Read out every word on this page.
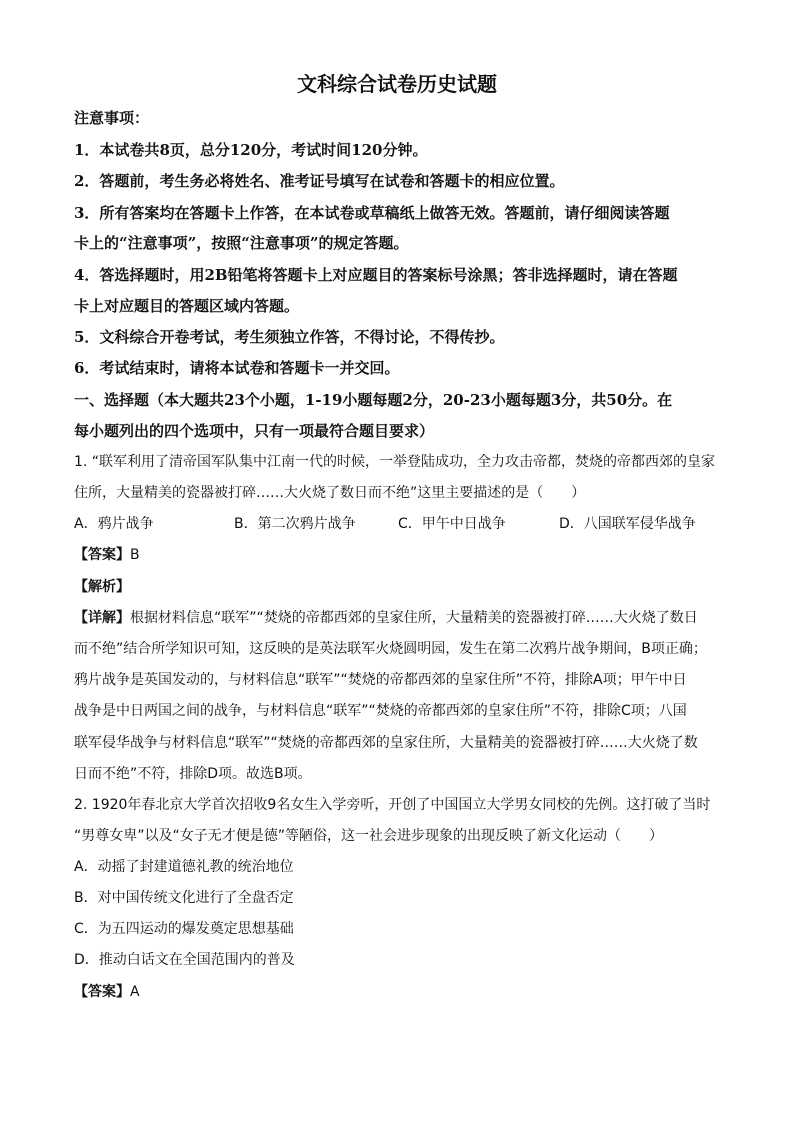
文科综合试卷历史试题
注意事项：
1．本试卷共8页，总分120分，考试时间120分钟。
2．答题前，考生务必将姓名、准考证号填写在试卷和答题卡的相应位置。
3．所有答案均在答题卡上作答，在本试卷或草稿纸上做答无效。答题前，请仔细阅读答题
卡上的“注意事项”，按照“注意事项”的规定答题。
4．答选择题时，用2B铅笔将答题卡上对应题目的答案标号涂黑；答非选择题时，请在答题
卡上对应题目的答题区域内答题。
5．文科综合开卷考试，考生须独立作答，不得讨论，不得传抄。
6．考试结束时，请将本试卷和答题卡一并交回。
一、选择题（本大题共23个小题，1-19小题每题2分，20-23小题每题3分，共50分。在
每小题列出的四个选项中，只有一项最符合题目要求）
1. “联军利用了清帝国军队集中江南一代的时候，一举登陆成功，全力攻击帝都，焚烧的帝都西郊的皇家
住所，大量精美的瓷器被打碎……大火烧了数日而不绝”这里主要描述的是（　　）
A．鸦片战争	B．第二次鸦片战争	C．甲午中日战争	D．八国联军侵华战争
【答案】B
【解析】
【详解】根据材料信息“联军”“焚烧的帝都西郊的皇家住所，大量精美的瓷器被打碎……大火烧了数日
而不绝”结合所学知识可知，这反映的是英法联军火烧圆明园，发生在第二次鸦片战争期间，B项正确；
鸦片战争是英国发动的，与材料信息“联军”“焚烧的帝都西郊的皇家住所”不符，排除A项；甲午中日
战争是中日两国之间的战争，与材料信息“联军”“焚烧的帝都西郊的皇家住所”不符，排除C项；八国
联军侵华战争与材料信息“联军”“焚烧的帝都西郊的皇家住所，大量精美的瓷器被打碎……大火烧了数
日而不绝”不符，排除D项。故选B项。
2. 1920年春北京大学首次招收9名女生入学旁听，开创了中国国立大学男女同校的先例。这打破了当时
“男尊女卑”以及“女子无才便是德”等陋俗，这一社会进步现象的出现反映了新文化运动（　　）
A．动摇了封建道德礼教的统治地位
B．对中国传统文化进行了全盘否定
C．为五四运动的爆发奠定思想基础
D．推动白话文在全国范围内的普及
【答案】A
